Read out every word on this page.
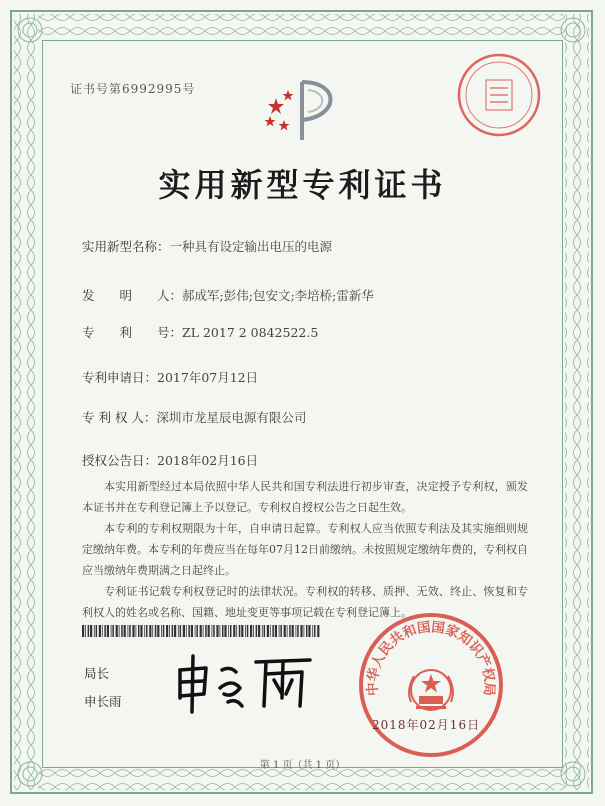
证书号第6992995号
实用新型专利证书
实用新型名称：一种具有设定输出电压的电源
发　　明　　人：郝成军;彭伟;包安文;李培桥;雷新华
专　　利　　号：ZL 2017 2 0842522.5
专利申请日：2017年07月12日
专 利 权 人：深圳市龙星辰电源有限公司
授权公告日：2018年02月16日

本实用新型经过本局依照中华人民共和国专利法进行初步审查，决定授予专利权，颁发本证书并在专利登记簿上予以登记。专利权自授权公告之日起生效。

本专利的专利权期限为十年，自申请日起算。专利权人应当依照专利法及其实施细则规定缴纳年费。本专利的年费应当在每年07月12日前缴纳。未按照规定缴纳年费的，专利权自应当缴纳年费期满之日起终止。

专利证书记载专利权登记时的法律状况。专利权的转移、质押、无效、终止、恢复和专利权人的姓名或名称、国籍、地址变更等事项记载在专利登记簿上。

局长
申长雨
中华人民共和国国家知识产权局
2018年02月16日
第 1 页（共 1 页）
